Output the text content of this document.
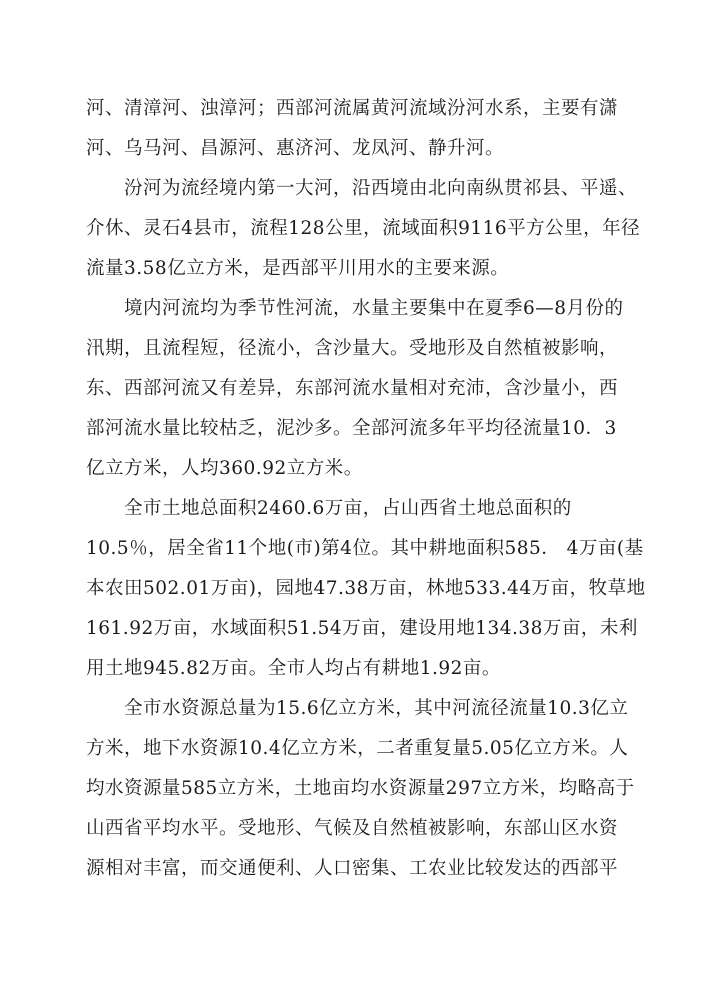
河、清漳河、浊漳河；西部河流属黄河流域汾河水系，主要有潇
河、乌马河、昌源河、惠济河、龙凤河、静升河。
汾河为流经境内第一大河，沿西境由北向南纵贯祁县、平遥、
介休、灵石4县市，流程128公里，流域面积9116平方公里，年径
流量3.58亿立方米，是西部平川用水的主要来源。
境内河流均为季节性河流，水量主要集中在夏季6—8月份的
汛期，且流程短，径流小，含沙量大。受地形及自然植被影响，
东、西部河流又有差异，东部河流水量相对充沛，含沙量小，西
部河流水量比较枯乏，泥沙多。全部河流多年平均径流量10．3
亿立方米，人均360.92立方米。
全市土地总面积2460.6万亩，占山西省土地总面积的
10.5％，居全省11个地(市)第4位。其中耕地面积585． 4万亩(基
本农田502.01万亩)，园地47.38万亩，林地533.44万亩，牧草地
161.92万亩，水域面积51.54万亩，建设用地134.38万亩，未利
用土地945.82万亩。全市人均占有耕地1.92亩。
全市水资源总量为15.6亿立方米，其中河流径流量10.3亿立
方米，地下水资源10.4亿立方米，二者重复量5.05亿立方米。人
均水资源量585立方米，土地亩均水资源量297立方米，均略高于
山西省平均水平。受地形、气候及自然植被影响，东部山区水资
源相对丰富，而交通便利、人口密集、工农业比较发达的西部平
